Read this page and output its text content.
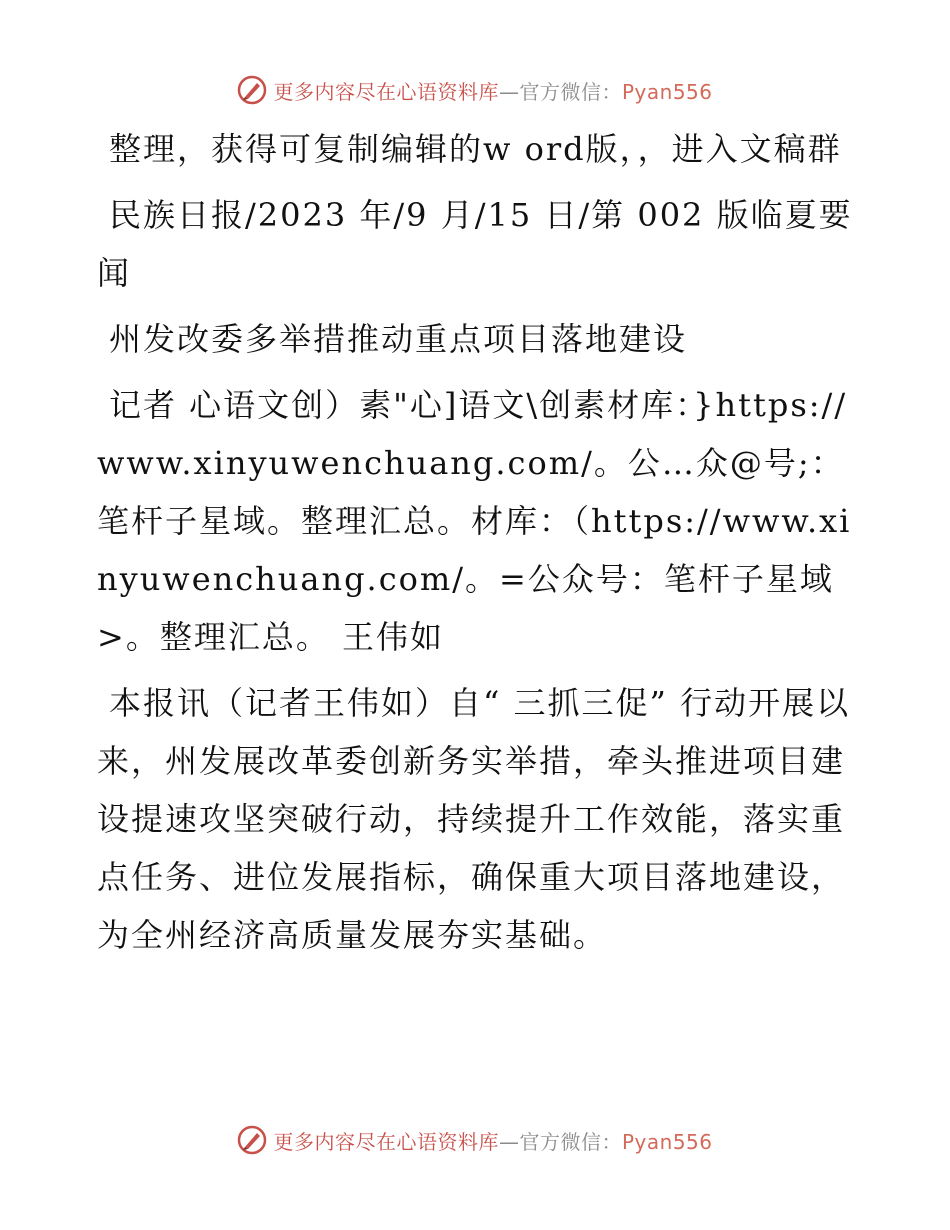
更多内容尽在心语资料库—官方微信：Pyan556

整理，获得可复制编辑的w ord版，，进入文稿群

民族日报/2023 年/9 月/15 日/第 002 版临夏要闻

州发改委多举措推动重点项目落地建设

记者 心语文创）素"心]语文\创素材库：}https://www.xinyuwenchuang.com/。公…众@号;：笔杆子星域。整理汇总。材库：（https://www.xinyuwenchuang.com/。=公众号：笔杆子星域>。整理汇总。 王伟如

本报讯（记者王伟如）自“ 三抓三促” 行动开展以来，州发展改革委创新务实举措，牵头推进项目建设提速攻坚突破行动，持续提升工作效能，落实重点任务、进位发展指标，确保重大项目落地建设，为全州经济高质量发展夯实基础。

更多内容尽在心语资料库—官方微信：Pyan556
